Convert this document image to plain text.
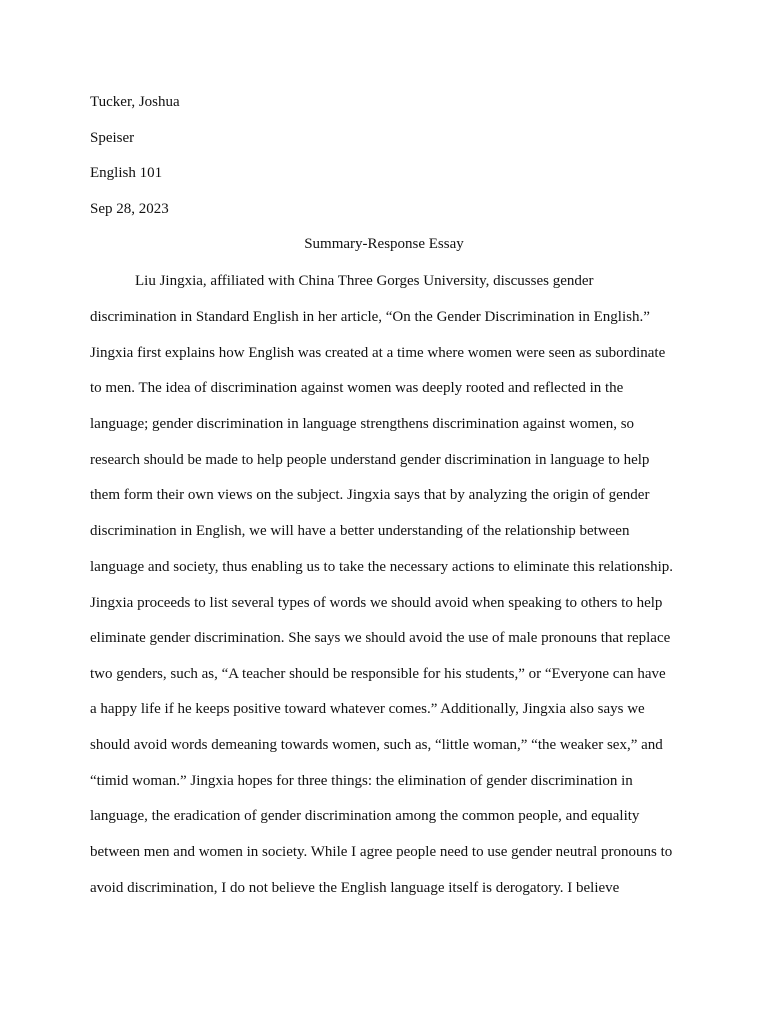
Tucker, Joshua
Speiser
English 101
Sep 28, 2023
Summary-Response Essay
Liu Jingxia, affiliated with China Three Gorges University, discusses gender
discrimination in Standard English in her article, “On the Gender Discrimination in English.”
Jingxia first explains how English was created at a time where women were seen as subordinate
to men. The idea of discrimination against women was deeply rooted and reflected in the
language; gender discrimination in language strengthens discrimination against women, so
research should be made to help people understand gender discrimination in language to help
them form their own views on the subject. Jingxia says that by analyzing the origin of gender
discrimination in English, we will have a better understanding of the relationship between
language and society, thus enabling us to take the necessary actions to eliminate this relationship.
Jingxia proceeds to list several types of words we should avoid when speaking to others to help
eliminate gender discrimination. She says we should avoid the use of male pronouns that replace
two genders, such as, “A teacher should be responsible for his students,” or “Everyone can have
a happy life if he keeps positive toward whatever comes.” Additionally, Jingxia also says we
should avoid words demeaning towards women, such as, “little woman,” “the weaker sex,” and
“timid woman.” Jingxia hopes for three things: the elimination of gender discrimination in
language, the eradication of gender discrimination among the common people, and equality
between men and women in society. While I agree people need to use gender neutral pronouns to
avoid discrimination, I do not believe the English language itself is derogatory. I believe
